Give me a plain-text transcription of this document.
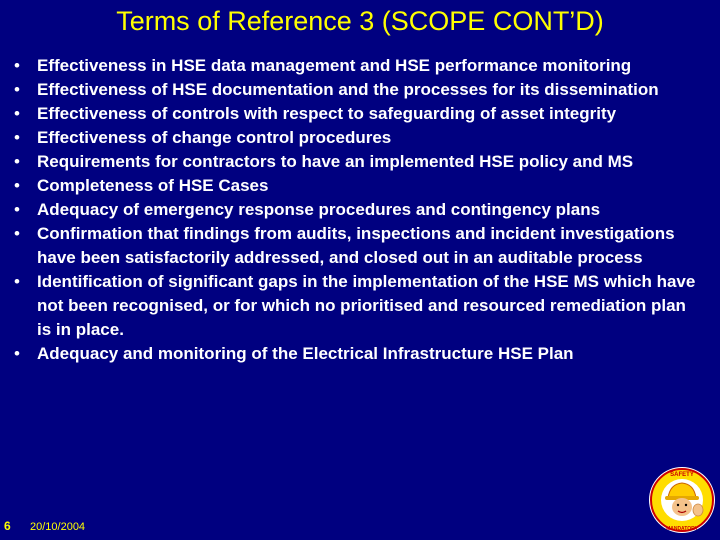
Terms of Reference 3 (SCOPE CONT’D)
• Effectiveness in HSE data management and HSE performance monitoring
• Effectiveness of HSE documentation and the processes for its dissemination
• Effectiveness of controls with respect to safeguarding of asset integrity
• Effectiveness of change control procedures
• Requirements for contractors to have an implemented HSE policy and MS
• Completeness of HSE Cases
• Adequacy of emergency response procedures and contingency plans
• Confirmation that findings from audits, inspections and incident investigations have been satisfactorily addressed, and closed out in an auditable process
• Identification of significant gaps in the implementation of the HSE MS which have not been recognised, or for which no prioritised and resourced remediation plan is in place.
• Adequacy and monitoring of the Electrical Infrastructure HSE Plan
6 20/10/2004
SAFETY
MANDATORY
